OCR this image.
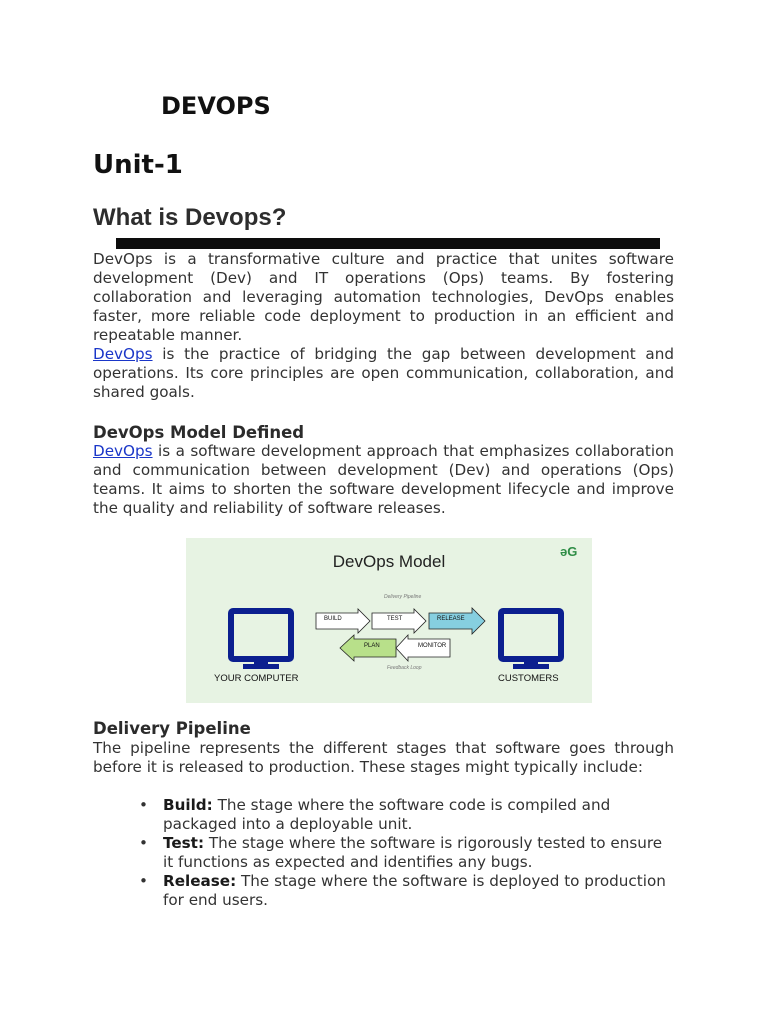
DEVOPS
Unit-1
What is Devops?
DevOps is a transformative culture and practice that unites software development (Dev) and IT operations (Ops) teams. By fostering collaboration and leveraging automation technologies, DevOps enables faster, more reliable code deployment to production in an efficient and repeatable manner.
DevOps is the practice of bridging the gap between development and operations. Its core principles are open communication, collaboration, and shared goals.
DevOps Model Defined
DevOps is a software development approach that emphasizes collaboration and communication between development (Dev) and operations (Ops) teams. It aims to shorten the software development lifecycle and improve the quality and reliability of software releases.
DevOps Model
əG
Delivery Pipeline
Feedback Loop
BUILD	TEST	RELEASE
PLAN	MONITOR
YOUR COMPUTER	CUSTOMERS
Delivery Pipeline
The pipeline represents the different stages that software goes through before it is released to production. These stages might typically include:
• Build: The stage where the software code is compiled and packaged into a deployable unit.
• Test: The stage where the software is rigorously tested to ensure it functions as expected and identifies any bugs.
• Release: The stage where the software is deployed to production for end users.
